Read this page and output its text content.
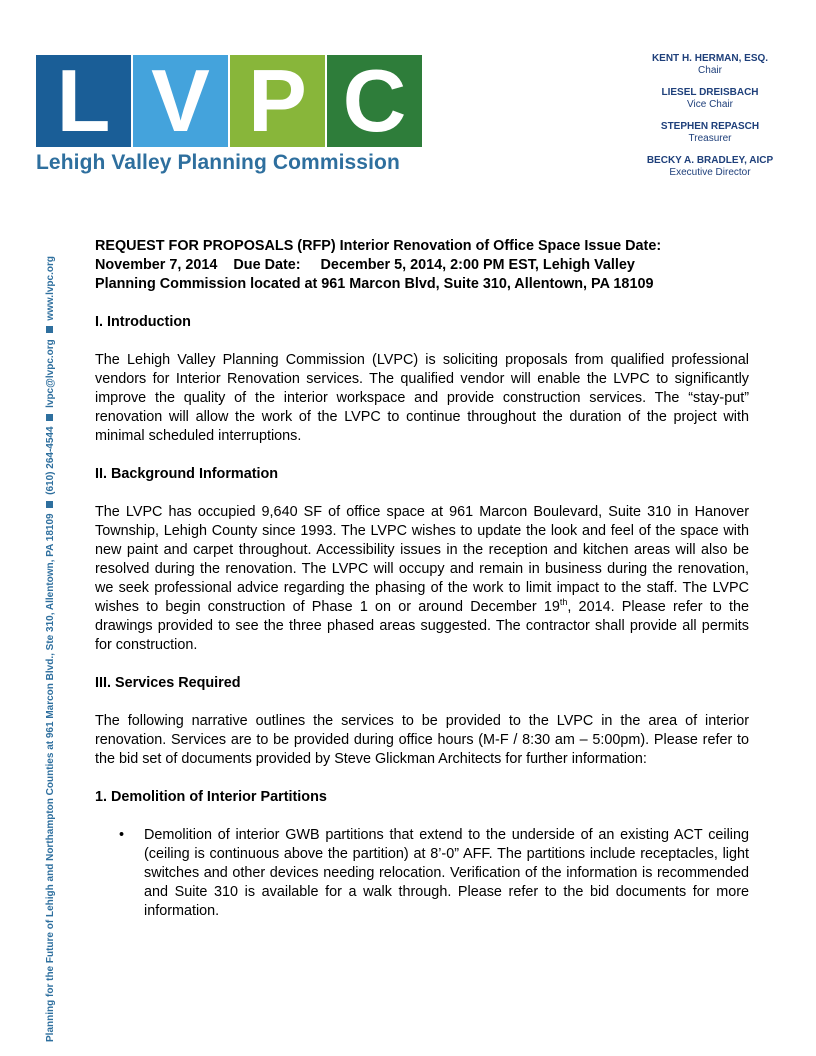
L V P C
Lehigh Valley Planning Commission
KENT H. HERMAN, ESQ.
Chair
LIESEL DREISBACH
Vice Chair
STEPHEN REPASCH
Treasurer
BECKY A. BRADLEY, AICP
Executive Director
Planning for the Future of Lehigh and Northampton Counties at 961 Marcon Blvd., Ste 310, Allentown, PA 18109  (610) 264-4544  lvpc@lvpc.org  www.lvpc.org
REQUEST FOR PROPOSALS (RFP) Interior Renovation of Office Space Issue Date:
November 7, 2014    Due Date:     December 5, 2014, 2:00 PM EST, Lehigh Valley
Planning Commission located at 961 Marcon Blvd, Suite 310, Allentown, PA 18109
I. Introduction

The Lehigh Valley Planning Commission (LVPC) is soliciting proposals from qualified professional vendors for Interior Renovation services. The qualified vendor will enable the LVPC to significantly improve the quality of the interior workspace and provide construction services. The “stay-put” renovation will allow the work of the LVPC to continue throughout the duration of the project with minimal scheduled interruptions.

II. Background Information

The LVPC has occupied 9,640 SF of office space at 961 Marcon Boulevard, Suite 310 in Hanover Township, Lehigh County since 1993. The LVPC wishes to update the look and feel of the space with new paint and carpet throughout. Accessibility issues in the reception and kitchen areas will also be resolved during the renovation. The LVPC will occupy and remain in business during the renovation, we seek professional advice regarding the phasing of the work to limit impact to the staff. The LVPC wishes to begin construction of Phase 1 on or around December 19th, 2014. Please refer to the drawings provided to see the three phased areas suggested. The contractor shall provide all permits for construction.

III. Services Required

The following narrative outlines the services to be provided to the LVPC in the area of interior renovation. Services are to be provided during office hours (M-F / 8:30 am – 5:00pm). Please refer to the bid set of documents provided by Steve Glickman Architects for further information:

1. Demolition of Interior Partitions
• Demolition of interior GWB partitions that extend to the underside of an existing ACT ceiling (ceiling is continuous above the partition) at 8’-0” AFF. The partitions include receptacles, light switches and other devices needing relocation. Verification of the information is recommended and Suite 310 is available for a walk through. Please refer to the bid documents for more information.
